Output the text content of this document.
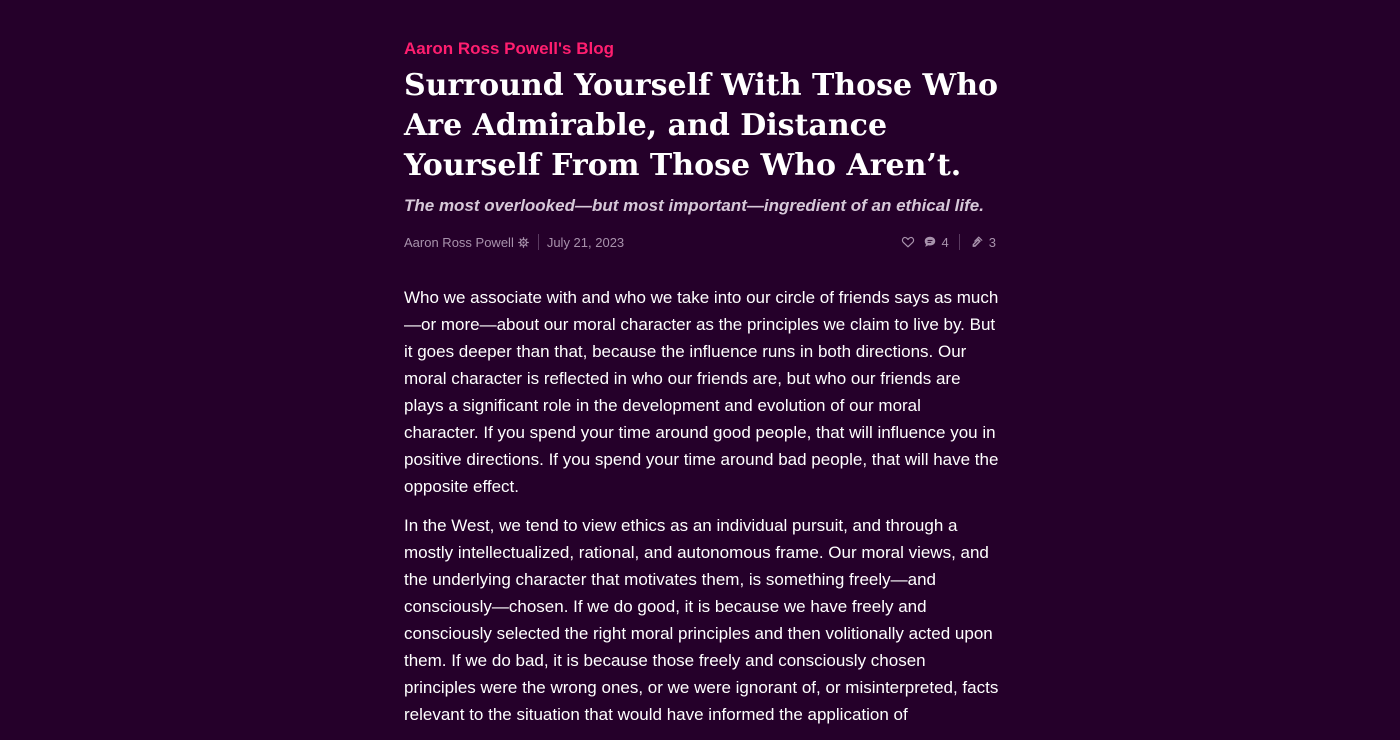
Aaron Ross Powell's Blog
Surround Yourself With Those Who Are Admirable, and Distance Yourself From Those Who Aren’t.
The most overlooked—but most important—ingredient of an ethical life.
Aaron Ross Powell	July 21, 2023	4	3

Who we associate with and who we take into our circle of friends says as much—or more—about our moral character as the principles we claim to live by. But it goes deeper than that, because the influence runs in both directions. Our moral character is reflected in who our friends are, but who our friends are plays a significant role in the development and evolution of our moral character. If you spend your time around good people, that will influence you in positive directions. If you spend your time around bad people, that will have the opposite effect.

In the West, we tend to view ethics as an individual pursuit, and through a mostly intellectualized, rational, and autonomous frame. Our moral views, and the underlying character that motivates them, is something freely—and consciously—chosen. If we do good, it is because we have freely and consciously selected the right moral principles and then volitionally acted upon them. If we do bad, it is because those freely and consciously chosen principles were the wrong ones, or we were ignorant of, or misinterpreted, facts relevant to the situation that would have informed the application of
